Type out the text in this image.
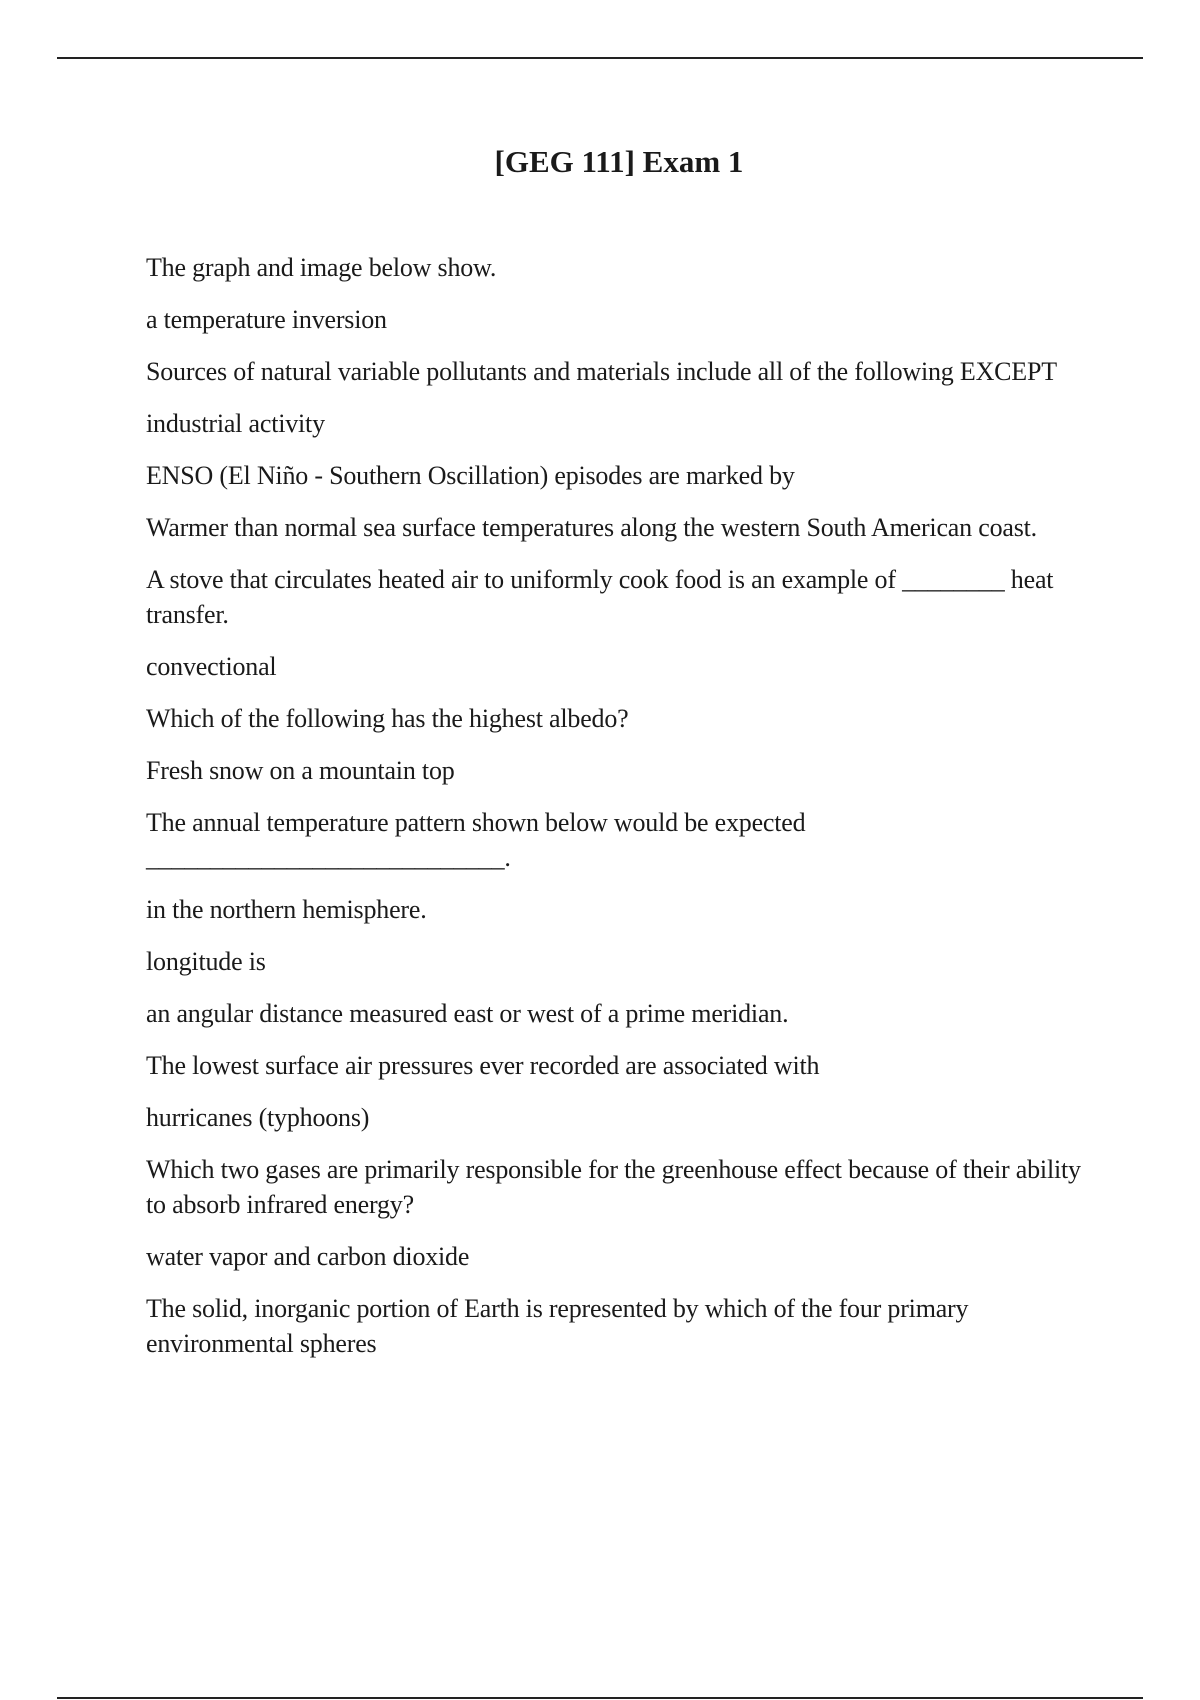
[GEG 111] Exam 1

The graph and image below show.

a temperature inversion

Sources of natural variable pollutants and materials include all of the following EXCEPT

industrial activity

ENSO (El Niño - Southern Oscillation) episodes are marked by

Warmer than normal sea surface temperatures along the western South American coast.

A stove that circulates heated air to uniformly cook food is an example of ________ heat transfer.

convectional

Which of the following has the highest albedo?

Fresh snow on a mountain top

The annual temperature pattern shown below would be expected ____________________________.

in the northern hemisphere.

longitude is

an angular distance measured east or west of a prime meridian.

The lowest surface air pressures ever recorded are associated with

hurricanes (typhoons)

Which two gases are primarily responsible for the greenhouse effect because of their ability to absorb infrared energy?

water vapor and carbon dioxide

The solid, inorganic portion of Earth is represented by which of the four primary environmental spheres
